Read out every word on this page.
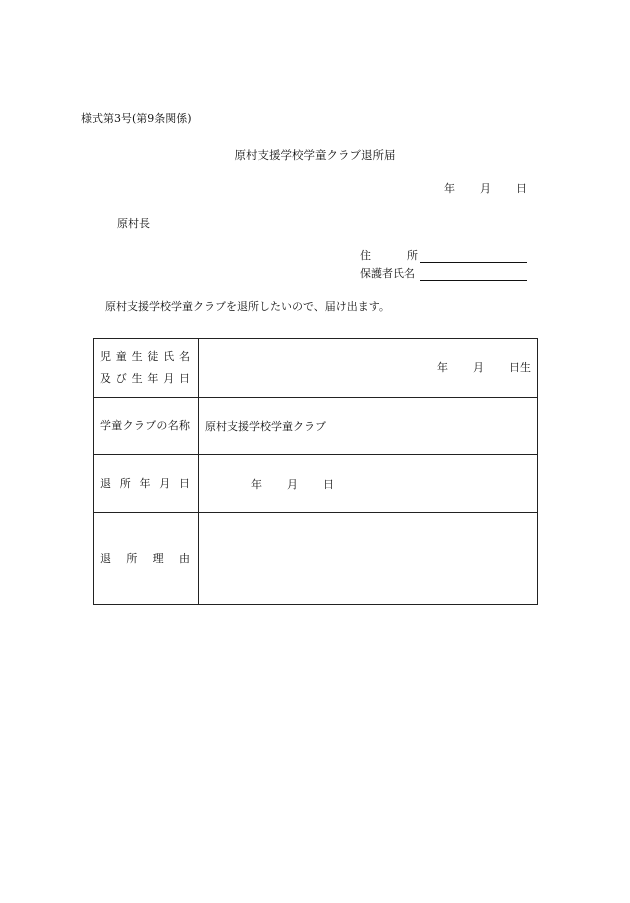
様式第3号(第9条関係)
原村支援学校学童クラブ退所届
年 月 日
原村長
住所
保護者氏名
原村支援学校学童クラブを退所したいので、届け出ます。
児童生徒氏名
及び生年月日	年 月 日生

学童クラブの名称	原村支援学校学童クラブ

退所年月日	年 月 日

退所理由	
